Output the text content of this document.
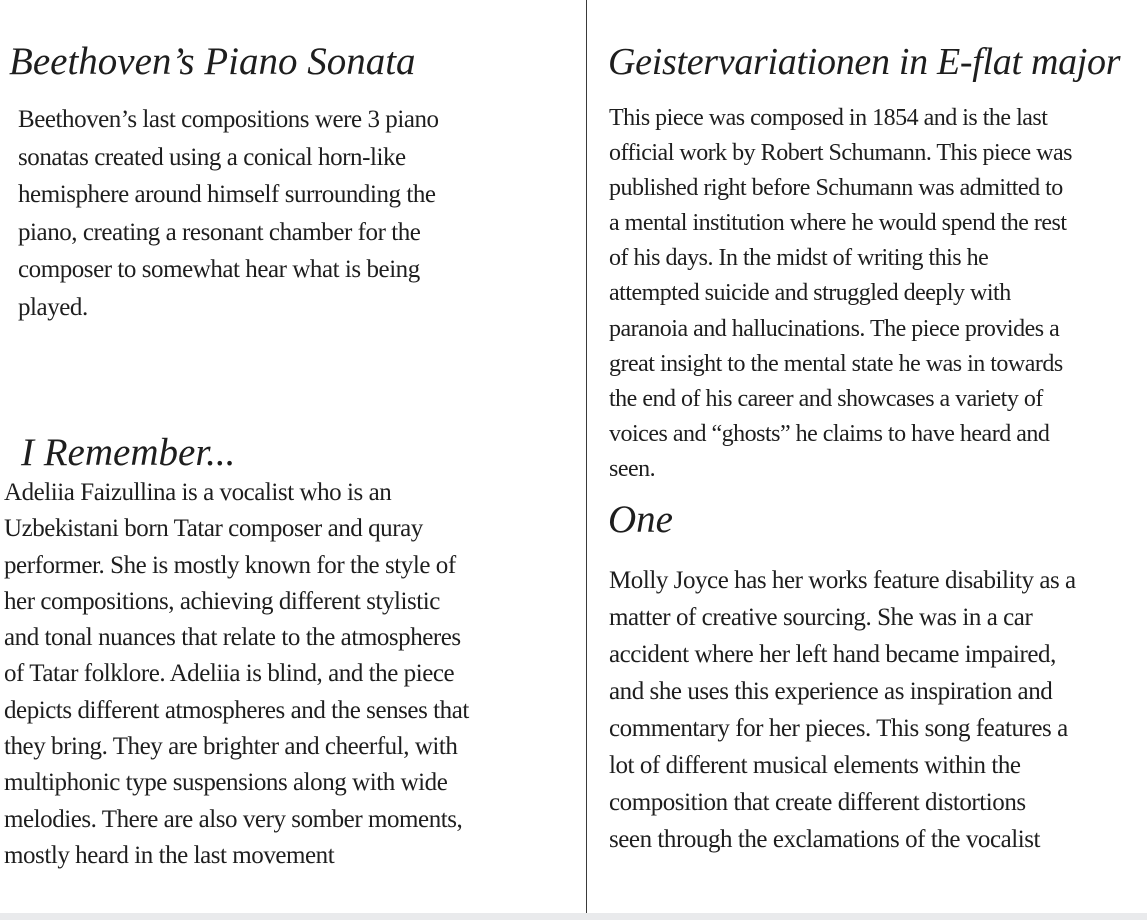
Beethoven’s Piano Sonata

Beethoven’s last compositions were 3 piano
sonatas created using a conical horn-like
hemisphere around himself surrounding the
piano, creating a resonant chamber for the
composer to somewhat hear what is being
played.

I Remember...

Adeliia Faizullina is a vocalist who is an
Uzbekistani born Tatar composer and quray
performer. She is mostly known for the style of
her compositions, achieving different stylistic
and tonal nuances that relate to the atmospheres
of Tatar folklore. Adeliia is blind, and the piece
depicts different atmospheres and the senses that
they bring. They are brighter and cheerful, with
multiphonic type suspensions along with wide
melodies. There are also very somber moments,
mostly heard in the last movement

Geistervariationen in E-flat major

This piece was composed in 1854 and is the last
official work by Robert Schumann. This piece was
published right before Schumann was admitted to
a mental institution where he would spend the rest
of his days. In the midst of writing this he
attempted suicide and struggled deeply with
paranoia and hallucinations. The piece provides a
great insight to the mental state he was in towards
the end of his career and showcases a variety of
voices and “ghosts” he claims to have heard and
seen.

One

Molly Joyce has her works feature disability as a
matter of creative sourcing. She was in a car
accident where her left hand became impaired,
and she uses this experience as inspiration and
commentary for her pieces. This song features a
lot of different musical elements within the
composition that create different distortions
seen through the exclamations of the vocalist
